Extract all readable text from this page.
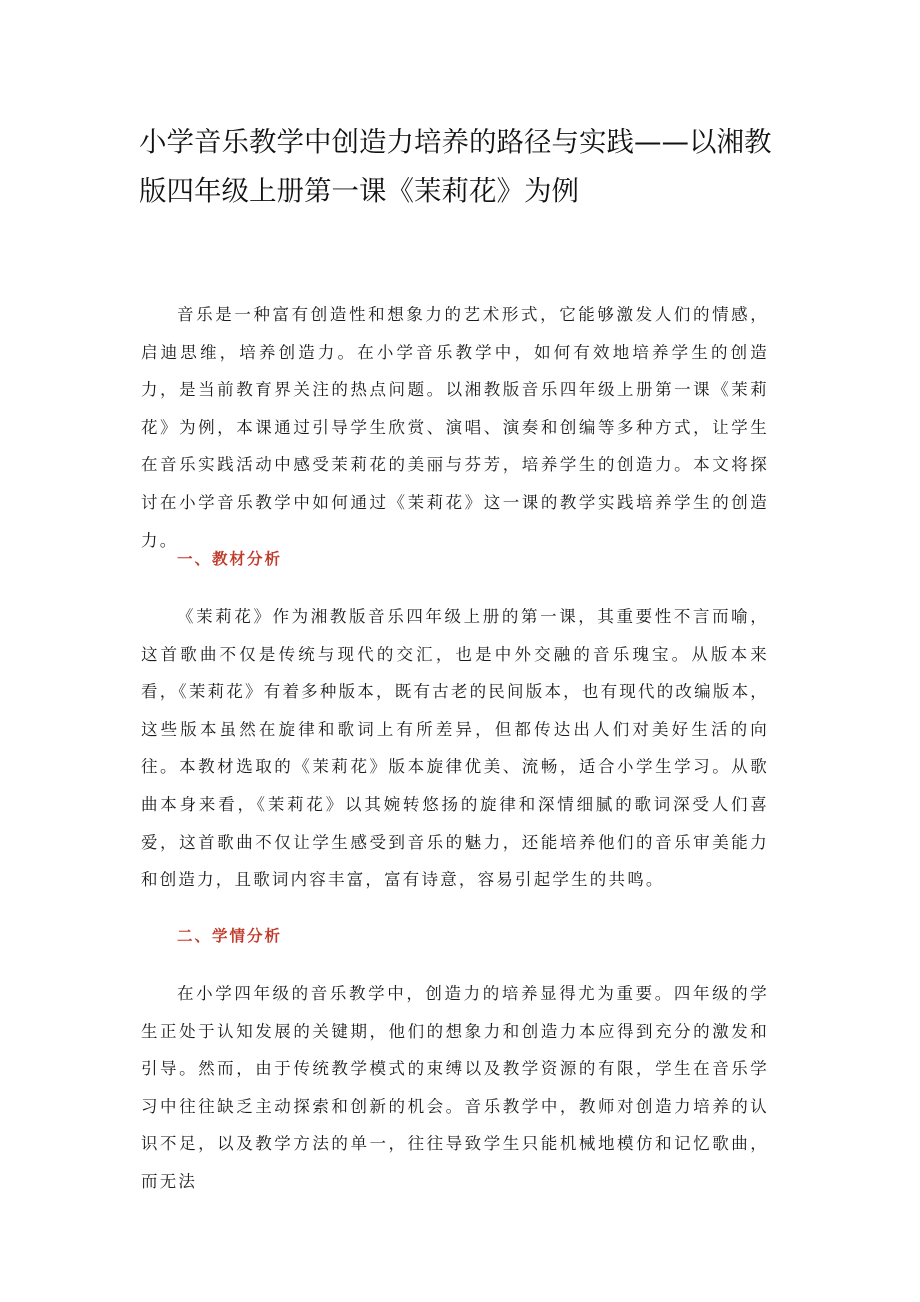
小学音乐教学中创造力培养的路径与实践——以湘教版四年级上册第一课《茉莉花》为例

音乐是一种富有创造性和想象力的艺术形式，它能够激发人们的情感，启迪思维，培养创造力。在小学音乐教学中，如何有效地培养学生的创造力，是当前教育界关注的热点问题。以湘教版音乐四年级上册第一课《茉莉花》为例，本课通过引导学生欣赏、演唱、演奏和创编等多种方式，让学生在音乐实践活动中感受茉莉花的美丽与芬芳，培养学生的创造力。本文将探讨在小学音乐教学中如何通过《茉莉花》这一课的教学实践培养学生的创造力。

一、教材分析

《茉莉花》作为湘教版音乐四年级上册的第一课，其重要性不言而喻，这首歌曲不仅是传统与现代的交汇，也是中外交融的音乐瑰宝。从版本来看，《茉莉花》有着多种版本，既有古老的民间版本，也有现代的改编版本，这些版本虽然在旋律和歌词上有所差异，但都传达出人们对美好生活的向往。本教材选取的《茉莉花》版本旋律优美、流畅，适合小学生学习。从歌曲本身来看，《茉莉花》以其婉转悠扬的旋律和深情细腻的歌词深受人们喜爱，这首歌曲不仅让学生感受到音乐的魅力，还能培养他们的音乐审美能力和创造力，且歌词内容丰富，富有诗意，容易引起学生的共鸣。

二、学情分析

在小学四年级的音乐教学中，创造力的培养显得尤为重要。四年级的学生正处于认知发展的关键期，他们的想象力和创造力本应得到充分的激发和引导。然而，由于传统教学模式的束缚以及教学资源的有限，学生在音乐学习中往往缺乏主动探索和创新的机会。音乐教学中，教师对创造力培养的认识不足，以及教学方法的单一，往往导致学生只能机械地模仿和记忆歌曲，而无法
